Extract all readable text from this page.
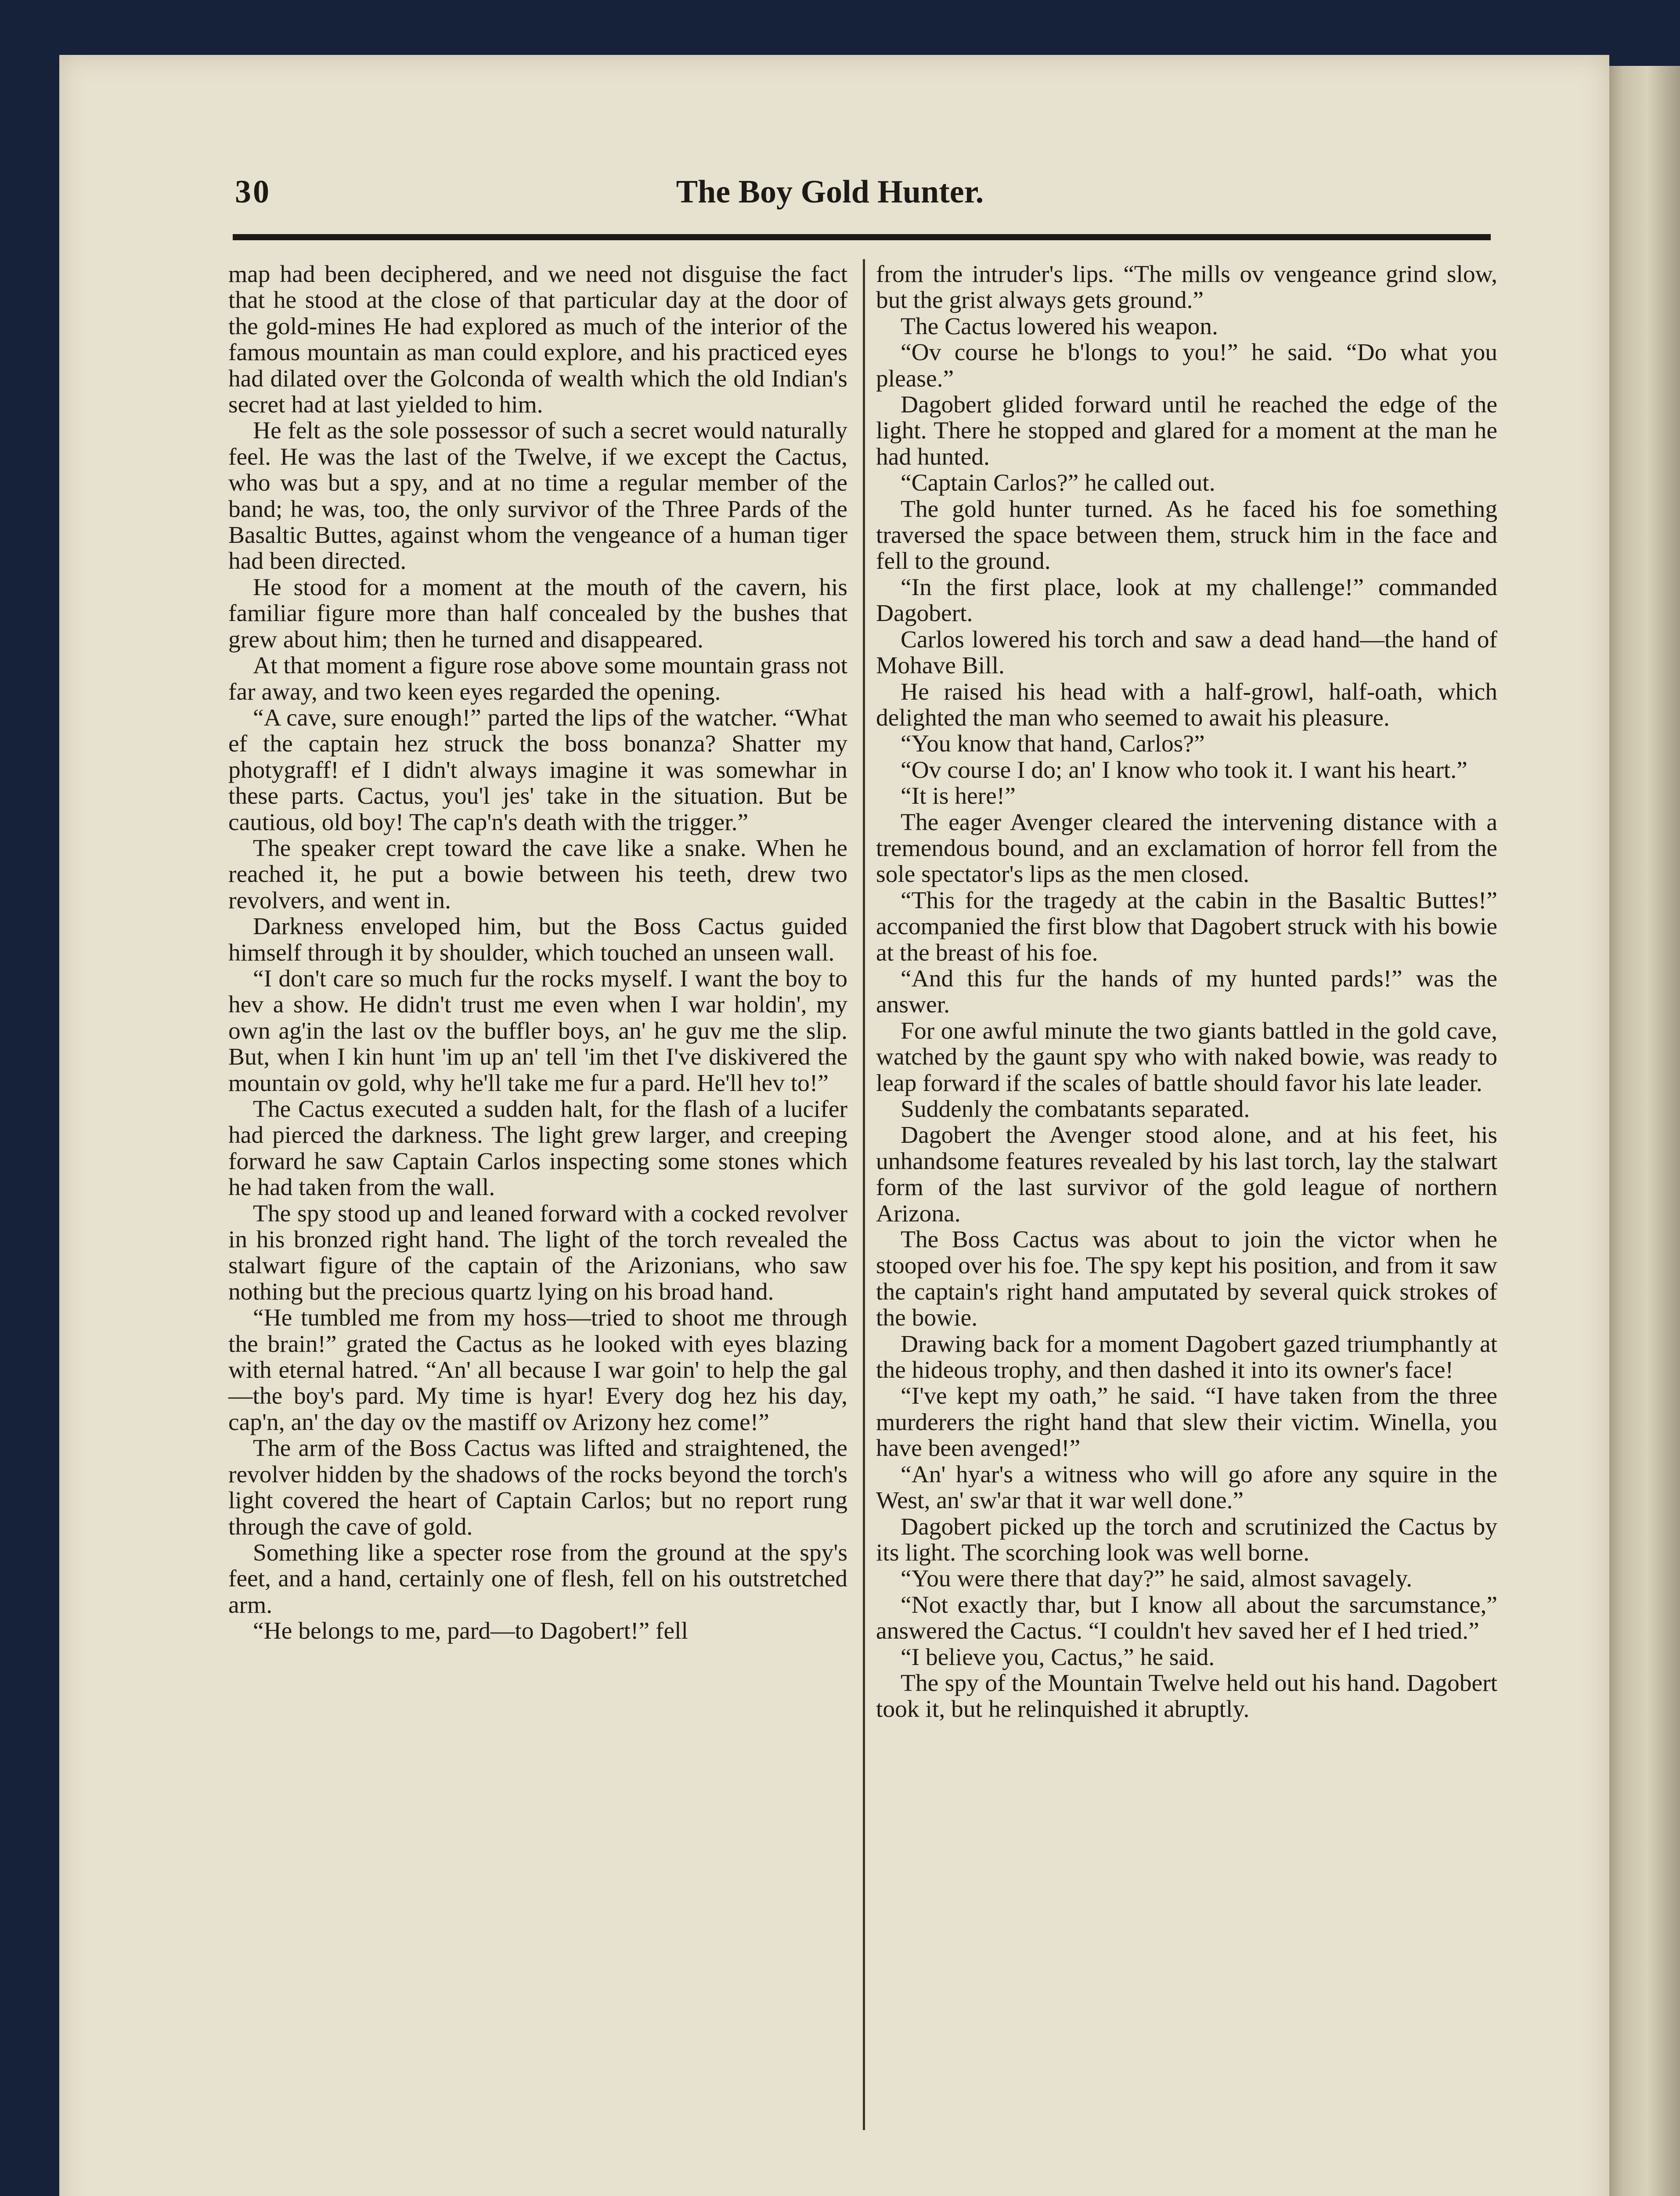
30	The Boy Gold Hunter.

map had been deciphered, and we need not disguise the fact that he stood at the close of that particular day at the door of the gold-mines He had explored as much of the interior of the famous mountain as man could explore, and his practiced eyes had dilated over the Golconda of wealth which the old Indian's secret had at last yielded to him.

He felt as the sole possessor of such a secret would naturally feel. He was the last of the Twelve, if we except the Cactus, who was but a spy, and at no time a regular member of the band; he was, too, the only survivor of the Three Pards of the Basaltic Buttes, against whom the vengeance of a human tiger had been directed.

He stood for a moment at the mouth of the cavern, his familiar figure more than half concealed by the bushes that grew about him; then he turned and disappeared.

At that moment a figure rose above some mountain grass not far away, and two keen eyes regarded the opening.

“A cave, sure enough!” parted the lips of the watcher. “What ef the captain hez struck the boss bonanza? Shatter my photygraff! ef I didn't always imagine it was somewhar in these parts. Cactus, you'l jes' take in the situation. But be cautious, old boy! The cap'n's death with the trigger.”

The speaker crept toward the cave like a snake. When he reached it, he put a bowie between his teeth, drew two revolvers, and went in.

Darkness enveloped him, but the Boss Cactus guided himself through it by shoulder, which touched an unseen wall.

“I don't care so much fur the rocks myself. I want the boy to hev a show. He didn't trust me even when I war holdin', my own ag'in the last ov the buffler boys, an' he guv me the slip. But, when I kin hunt 'im up an' tell 'im thet I've diskivered the mountain ov gold, why he'll take me fur a pard. He'll hev to!”

The Cactus executed a sudden halt, for the flash of a lucifer had pierced the darkness. The light grew larger, and creeping forward he saw Captain Carlos inspecting some stones which he had taken from the wall.

The spy stood up and leaned forward with a cocked revolver in his bronzed right hand. The light of the torch revealed the stalwart figure of the captain of the Arizonians, who saw nothing but the precious quartz lying on his broad hand.

“He tumbled me from my hoss—tried to shoot me through the brain!” grated the Cactus as he looked with eyes blazing with eternal hatred. “An' all because I war goin' to help the gal—the boy's pard. My time is hyar! Every dog hez his day, cap'n, an' the day ov the mastiff ov Arizony hez come!”

The arm of the Boss Cactus was lifted and straightened, the revolver hidden by the shadows of the rocks beyond the torch's light covered the heart of Captain Carlos; but no report rung through the cave of gold.

Something like a specter rose from the ground at the spy's feet, and a hand, certainly one of flesh, fell on his outstretched arm.

“He belongs to me, pard—to Dagobert!” fell

from the intruder's lips. “The mills ov vengeance grind slow, but the grist always gets ground.”

The Cactus lowered his weapon.

“Ov course he b'longs to you!” he said. “Do what you please.”

Dagobert glided forward until he reached the edge of the light. There he stopped and glared for a moment at the man he had hunted.

“Captain Carlos?” he called out.

The gold hunter turned. As he faced his foe something traversed the space between them, struck him in the face and fell to the ground.

“In the first place, look at my challenge!” commanded Dagobert.

Carlos lowered his torch and saw a dead hand—the hand of Mohave Bill.

He raised his head with a half-growl, half-oath, which delighted the man who seemed to await his pleasure.

“You know that hand, Carlos?”

“Ov course I do; an' I know who took it. I want his heart.”

“It is here!”

The eager Avenger cleared the intervening distance with a tremendous bound, and an exclamation of horror fell from the sole spectator's lips as the men closed.

“This for the tragedy at the cabin in the Basaltic Buttes!” accompanied the first blow that Dagobert struck with his bowie at the breast of his foe.

“And this fur the hands of my hunted pards!” was the answer.

For one awful minute the two giants battled in the gold cave, watched by the gaunt spy who with naked bowie, was ready to leap forward if the scales of battle should favor his late leader.

Suddenly the combatants separated.

Dagobert the Avenger stood alone, and at his feet, his unhandsome features revealed by his last torch, lay the stalwart form of the last survivor of the gold league of northern Arizona.

The Boss Cactus was about to join the victor when he stooped over his foe. The spy kept his position, and from it saw the captain's right hand amputated by several quick strokes of the bowie.

Drawing back for a moment Dagobert gazed triumphantly at the hideous trophy, and then dashed it into its owner's face!

“I've kept my oath,” he said. “I have taken from the three murderers the right hand that slew their victim. Winella, you have been avenged!”

“An' hyar's a witness who will go afore any squire in the West, an' sw'ar that it war well done.”

Dagobert picked up the torch and scrutinized the Cactus by its light. The scorching look was well borne.

“You were there that day?” he said, almost savagely.

“Not exactly thar, but I know all about the sarcumstance,” answered the Cactus. “I couldn't hev saved her ef I hed tried.”

“I believe you, Cactus,” he said.

The spy of the Mountain Twelve held out his hand. Dagobert took it, but he relinquished it abruptly.
